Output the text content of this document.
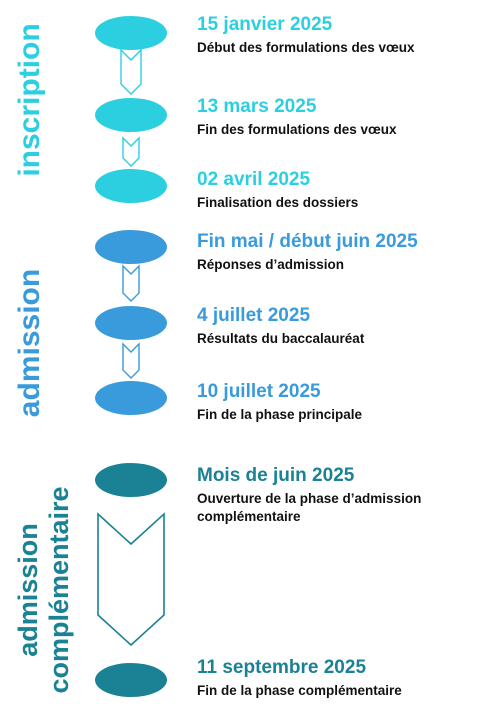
inscription
admission
admission complémentaire
15 janvier 2025
Début des formulations des vœux
13 mars 2025
Fin des formulations des vœux
02 avril 2025
Finalisation des dossiers
Fin mai / début juin 2025
Réponses d’admission
4 juillet 2025
Résultats du baccalauréat
10 juillet 2025
Fin de la phase principale
Mois de juin 2025
Ouverture de la phase d’admission
complémentaire
11 septembre 2025
Fin de la phase complémentaire
